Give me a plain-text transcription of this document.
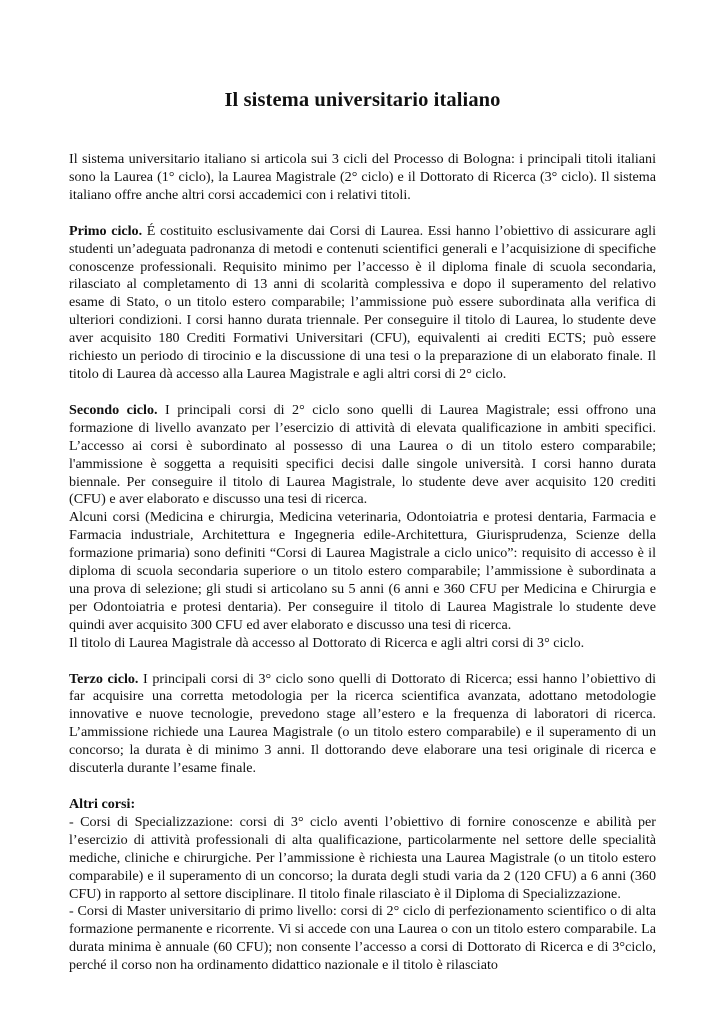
Il sistema universitario italiano

Il sistema universitario italiano si articola sui 3 cicli del Processo di Bologna: i principali titoli italiani sono la Laurea (1° ciclo), la Laurea Magistrale (2° ciclo) e il Dottorato di Ricerca (3° ciclo). Il sistema italiano offre anche altri corsi accademici con i relativi titoli.

Primo ciclo. É costituito esclusivamente dai Corsi di Laurea. Essi hanno l’obiettivo di assicurare agli studenti un’adeguata padronanza di metodi e contenuti scientifici generali e l’acquisizione di specifiche conoscenze professionali. Requisito minimo per l’accesso è il diploma finale di scuola secondaria, rilasciato al completamento di 13 anni di scolarità complessiva e dopo il superamento del relativo esame di Stato, o un titolo estero comparabile; l’ammissione può essere subordinata alla verifica di ulteriori condizioni. I corsi hanno durata triennale. Per conseguire il titolo di Laurea, lo studente deve aver acquisito 180 Crediti Formativi Universitari (CFU), equivalenti ai crediti ECTS; può essere richiesto un periodo di tirocinio e la discussione di una tesi o la preparazione di un elaborato finale. Il titolo di Laurea dà accesso alla Laurea Magistrale e agli altri corsi di 2° ciclo.

Secondo ciclo. I principali corsi di 2° ciclo sono quelli di Laurea Magistrale; essi offrono una formazione di livello avanzato per l’esercizio di attività di elevata qualificazione in ambiti specifici. L’accesso ai corsi è subordinato al possesso di una Laurea o di un titolo estero comparabile; l'ammissione è soggetta a requisiti specifici decisi dalle singole università. I corsi hanno durata biennale. Per conseguire il titolo di Laurea Magistrale, lo studente deve aver acquisito 120 crediti (CFU) e aver elaborato e discusso una tesi di ricerca.

Alcuni corsi (Medicina e chirurgia, Medicina veterinaria, Odontoiatria e protesi dentaria, Farmacia e Farmacia industriale, Architettura e Ingegneria edile-Architettura, Giurisprudenza, Scienze della formazione primaria) sono definiti “Corsi di Laurea Magistrale a ciclo unico”: requisito di accesso è il diploma di scuola secondaria superiore o un titolo estero comparabile; l’ammissione è subordinata a una prova di selezione; gli studi si articolano su 5 anni (6 anni e 360 CFU per Medicina e Chirurgia e per Odontoiatria e protesi dentaria). Per conseguire il titolo di Laurea Magistrale lo studente deve quindi aver acquisito 300 CFU ed aver elaborato e discusso una tesi di ricerca.

Il titolo di Laurea Magistrale dà accesso al Dottorato di Ricerca e agli altri corsi di 3° ciclo.

Terzo ciclo. I principali corsi di 3° ciclo sono quelli di Dottorato di Ricerca; essi hanno l’obiettivo di far acquisire una corretta metodologia per la ricerca scientifica avanzata, adottano metodologie innovative e nuove tecnologie, prevedono stage all’estero e la frequenza di laboratori di ricerca. L’ammissione richiede una Laurea Magistrale (o un titolo estero comparabile) e il superamento di un concorso; la durata è di minimo 3 anni. Il dottorando deve elaborare una tesi originale di ricerca e discuterla durante l’esame finale.

Altri corsi:
- Corsi di Specializzazione: corsi di 3° ciclo aventi l’obiettivo di fornire conoscenze e abilità per l’esercizio di attività professionali di alta qualificazione, particolarmente nel settore delle specialità mediche, cliniche e chirurgiche. Per l’ammissione è richiesta una Laurea Magistrale (o un titolo estero comparabile) e il superamento di un concorso; la durata degli studi varia da 2 (120 CFU) a 6 anni (360 CFU) in rapporto al settore disciplinare. Il titolo finale rilasciato è il Diploma di Specializzazione.
- Corsi di Master universitario di primo livello: corsi di 2° ciclo di perfezionamento scientifico o di alta formazione permanente e ricorrente. Vi si accede con una Laurea o con un titolo estero comparabile. La durata minima è annuale (60 CFU); non consente l’accesso a corsi di Dottorato di Ricerca e di 3°ciclo, perché il corso non ha ordinamento didattico nazionale e il titolo è rilasciato
